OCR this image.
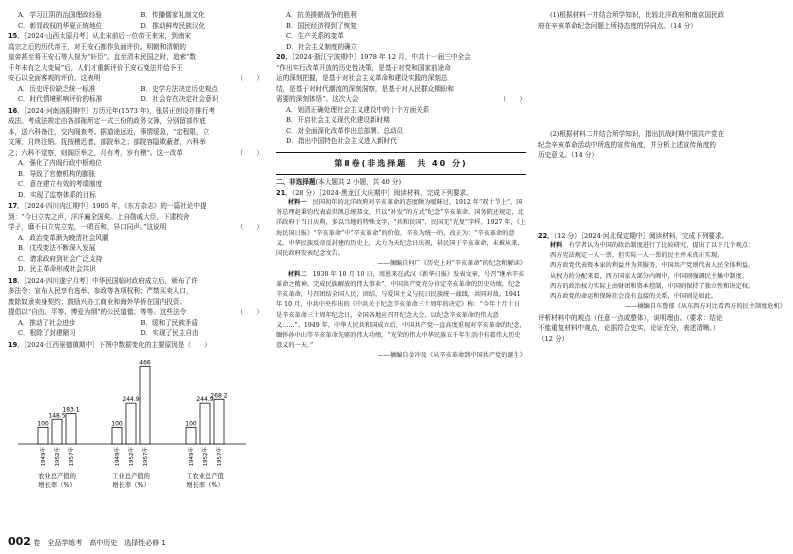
A．学习江阴的治国理政经验	B．传播儒家礼制文化
C．彰显政权的华夏正统地位	D．推动鲜卑民族汉化
15．［2024·山西太原月考］从北宋前后一位帝王来宋，到南宋
高宗之后的历代帝王，对王安石都作负面评价。明朝和清朝的
皇帝甚至将王安石等人视为“奸臣”。直至清末民国之时，追索“数
千年未有之大变局”后，人们才重新评价王安石变法并给予王
安石以全面客观的评价。这表明	（　　）
A．历史评价缺乏统一标准	B．史学方法决定历史观点
C．时代情境影响评价的标准	D．社会存在决定社会意识
16．［2024·河南洛阳期中］万历元年(1573 年)，张居正创设并推行考
成法。考成法规定由各部衙所定一式三份的政务文簿，分别留部作底
本，送六科备注，交内阁查考。据道途远近，事情缓急，“定程限，立
文簿，月终注销。抚按稽迟者，部院举之；部院容隐欺蔽者，六科举
之；六科不觉察，则阁臣举之，月有考，岁有稽”。这一改革	（　　）
A．强化了内阁行政中枢地位
B．导致了官僚机构的膨胀
C．意在建立有效的考绩制度
D．实现了监察体系的目标
17．［2024·四川内江期中］1905 年，《东方杂志》的一篇社论中提
到：“今日立宪之声，洋洋遍全国矣。上自勋戚大臣，下逮校舍
学子，靡不曰立宪立宪，一唱百和，异口同声。”这说明	（　　）
A．政治变革渐为晚清社会风潮
B．戊戌变法不断深入发展
C．请求政府到社会广泛支持
D．民主革命形成社会共识
18．［2024·四川遂宁月考］中华民国临时政府成立后，颁布了许
多法令：宣布人民享有选举、参政等各项权利；严禁买卖人口，
废除奴隶卖身契约；鼓励兴办工商业和海外华侨在国内投资；
提倡以“自由、平等、博爱为纲”的公民道德；等等。这些法令	（　　）
A．推动了社会进步	B．缓和了民族矛盾
C．根除了封建陋习	D．实现了民主自由
19．［2024·江西景德镇期中］下图中数据变化的主要原因是（　　）
100
1949年
148.5
1952年
183.1
1957年
农业总产值的
增长率（%）
100
1949年
244.9
1952年
466
1957年
工业总产值的
增长率（%）
100
1949年
244.9
1952年
268.2
1957年
工农业总产值
增长率（%）
A．抗美援朝战争的胜利
B．国民经济得到了恢复
C．生产关系的变革
D．社会主义制度的确立
20．［2024·浙江宁波期中］1978 年 12 月，中共十一届三中全会
“作出实行改革开放的历史性决策，是基于对党和国家前途命
运的深刻把握，是基于对社会主义革命和建设实践的深刻总
结，是基于对时代潮流的深刻洞察，是基于对人民群众期盼和
需要的深刻体悟”。这次大会	（　　）
A．划清正确处理社会主义建设中的十个方面关系
B．开启社会主义现代化建设新时期
C．对全面深化改革作出总部署、总动员
D．指出中国特色社会主义进入新时代
第Ⅱ卷(非选择题　共 40 分)
二、非选择题(本大题共 2 小题，共 40 分)
21．（28 分）［2024·黑龙江大庆期中］阅读材料，完成下列要求。
材料一　 民国初年的北洋政府对辛亥革命的态度颇为暧昧过。1912 年“双十节上”，国务总理赵秉钧代表袁世凯总统恭文，只以“补发”的方式“纪念”辛亥革命。国务院还规定，北洋政府于当日庆典，多以当地的特殊文字，“共和民国”，民国无“光复”字样。1927 年，《上海民国日报》“辛亥革命”中“辛亥革命”的价值，辛亥为统一的，改正为：“辛亥革命的意义。中华民族反帝反封建的历史上，大力为天纪念日庆祝，甚民国于辛亥革命，未被从来，国民政府发表纪念文告。
——摘编自何广《历史上对“辛亥革命”的纪念和解读》
材料二　 1938 年 10 月 10 日，周恩来在武汉《新华日报》发表文章，号召“继承辛亥革命之精神，完成民族解放的伟大事业”。中国共产党充分肯定辛亥革命的历史功绩，纪念辛亥革命，号召团结全国人民，团结，与爱国主义与抗日民族统一战线，共同对敌。1941 年 10 月，中共中央作出的《中共关于纪念辛亥革命三十周年的决定》称：“今年十月十日是辛亥革命三十周年纪念日，全国各地应召开纪念大会，以纪念辛亥革命的伟大意义……”。1949 年，中华人民共和国成立后，中国共产党一直高度重视对辛亥革命的纪念，缅怀孙中山等辛亥革命先驱的伟大功绩，“光荣的伟大中华民族五千年生活中有着伟大历史意义的一天。”
——摘编自金冲及《从辛亥革命到中国共产党的诞生》
(1)根据材料一并结合所学知识，比较北洋政府和南京国民政
府在辛亥革命纪念问题上所持态度的异同点。（14 分）
(2)根据材料二并结合所学知识，指出抗战时期中国共产党在
纪念辛亥革命活动中所选的宣传角度，并分析上述宣传角度的
历史意义。（14 分）
22．（12 分）［2024·河北保定期中］阅读材料，完成下列要求。
材料　 有学者认为中国的政治制度进行了比较研究，提出了以下几个观点：
西方宪法规定一人一票，但实际一人一票的民主并未真正实现。
西方政党代表资本家的利益并为其服务，中国共产党则代表人民全体利益。
从权力的分配来看，西方国家大部分内阁中，中国则强调民主集中制度。
西方的政治权力实际上由财团和资本控制，中国则保持了独立性和决定权。
西方政党的命运和保障社会没有直接的关系，中国则是如此。
——摘编自东鲁郁《从东西方对比看西方的民主制度危机》
评析材料中的观点（任意一点或整体），说明理由。（要求：结论
不能重复材料中观点，论据符合史实，论证充分，表述清晰。）
（12 分）
002 卷　全品学练考　高中历史　选择性必修 1
